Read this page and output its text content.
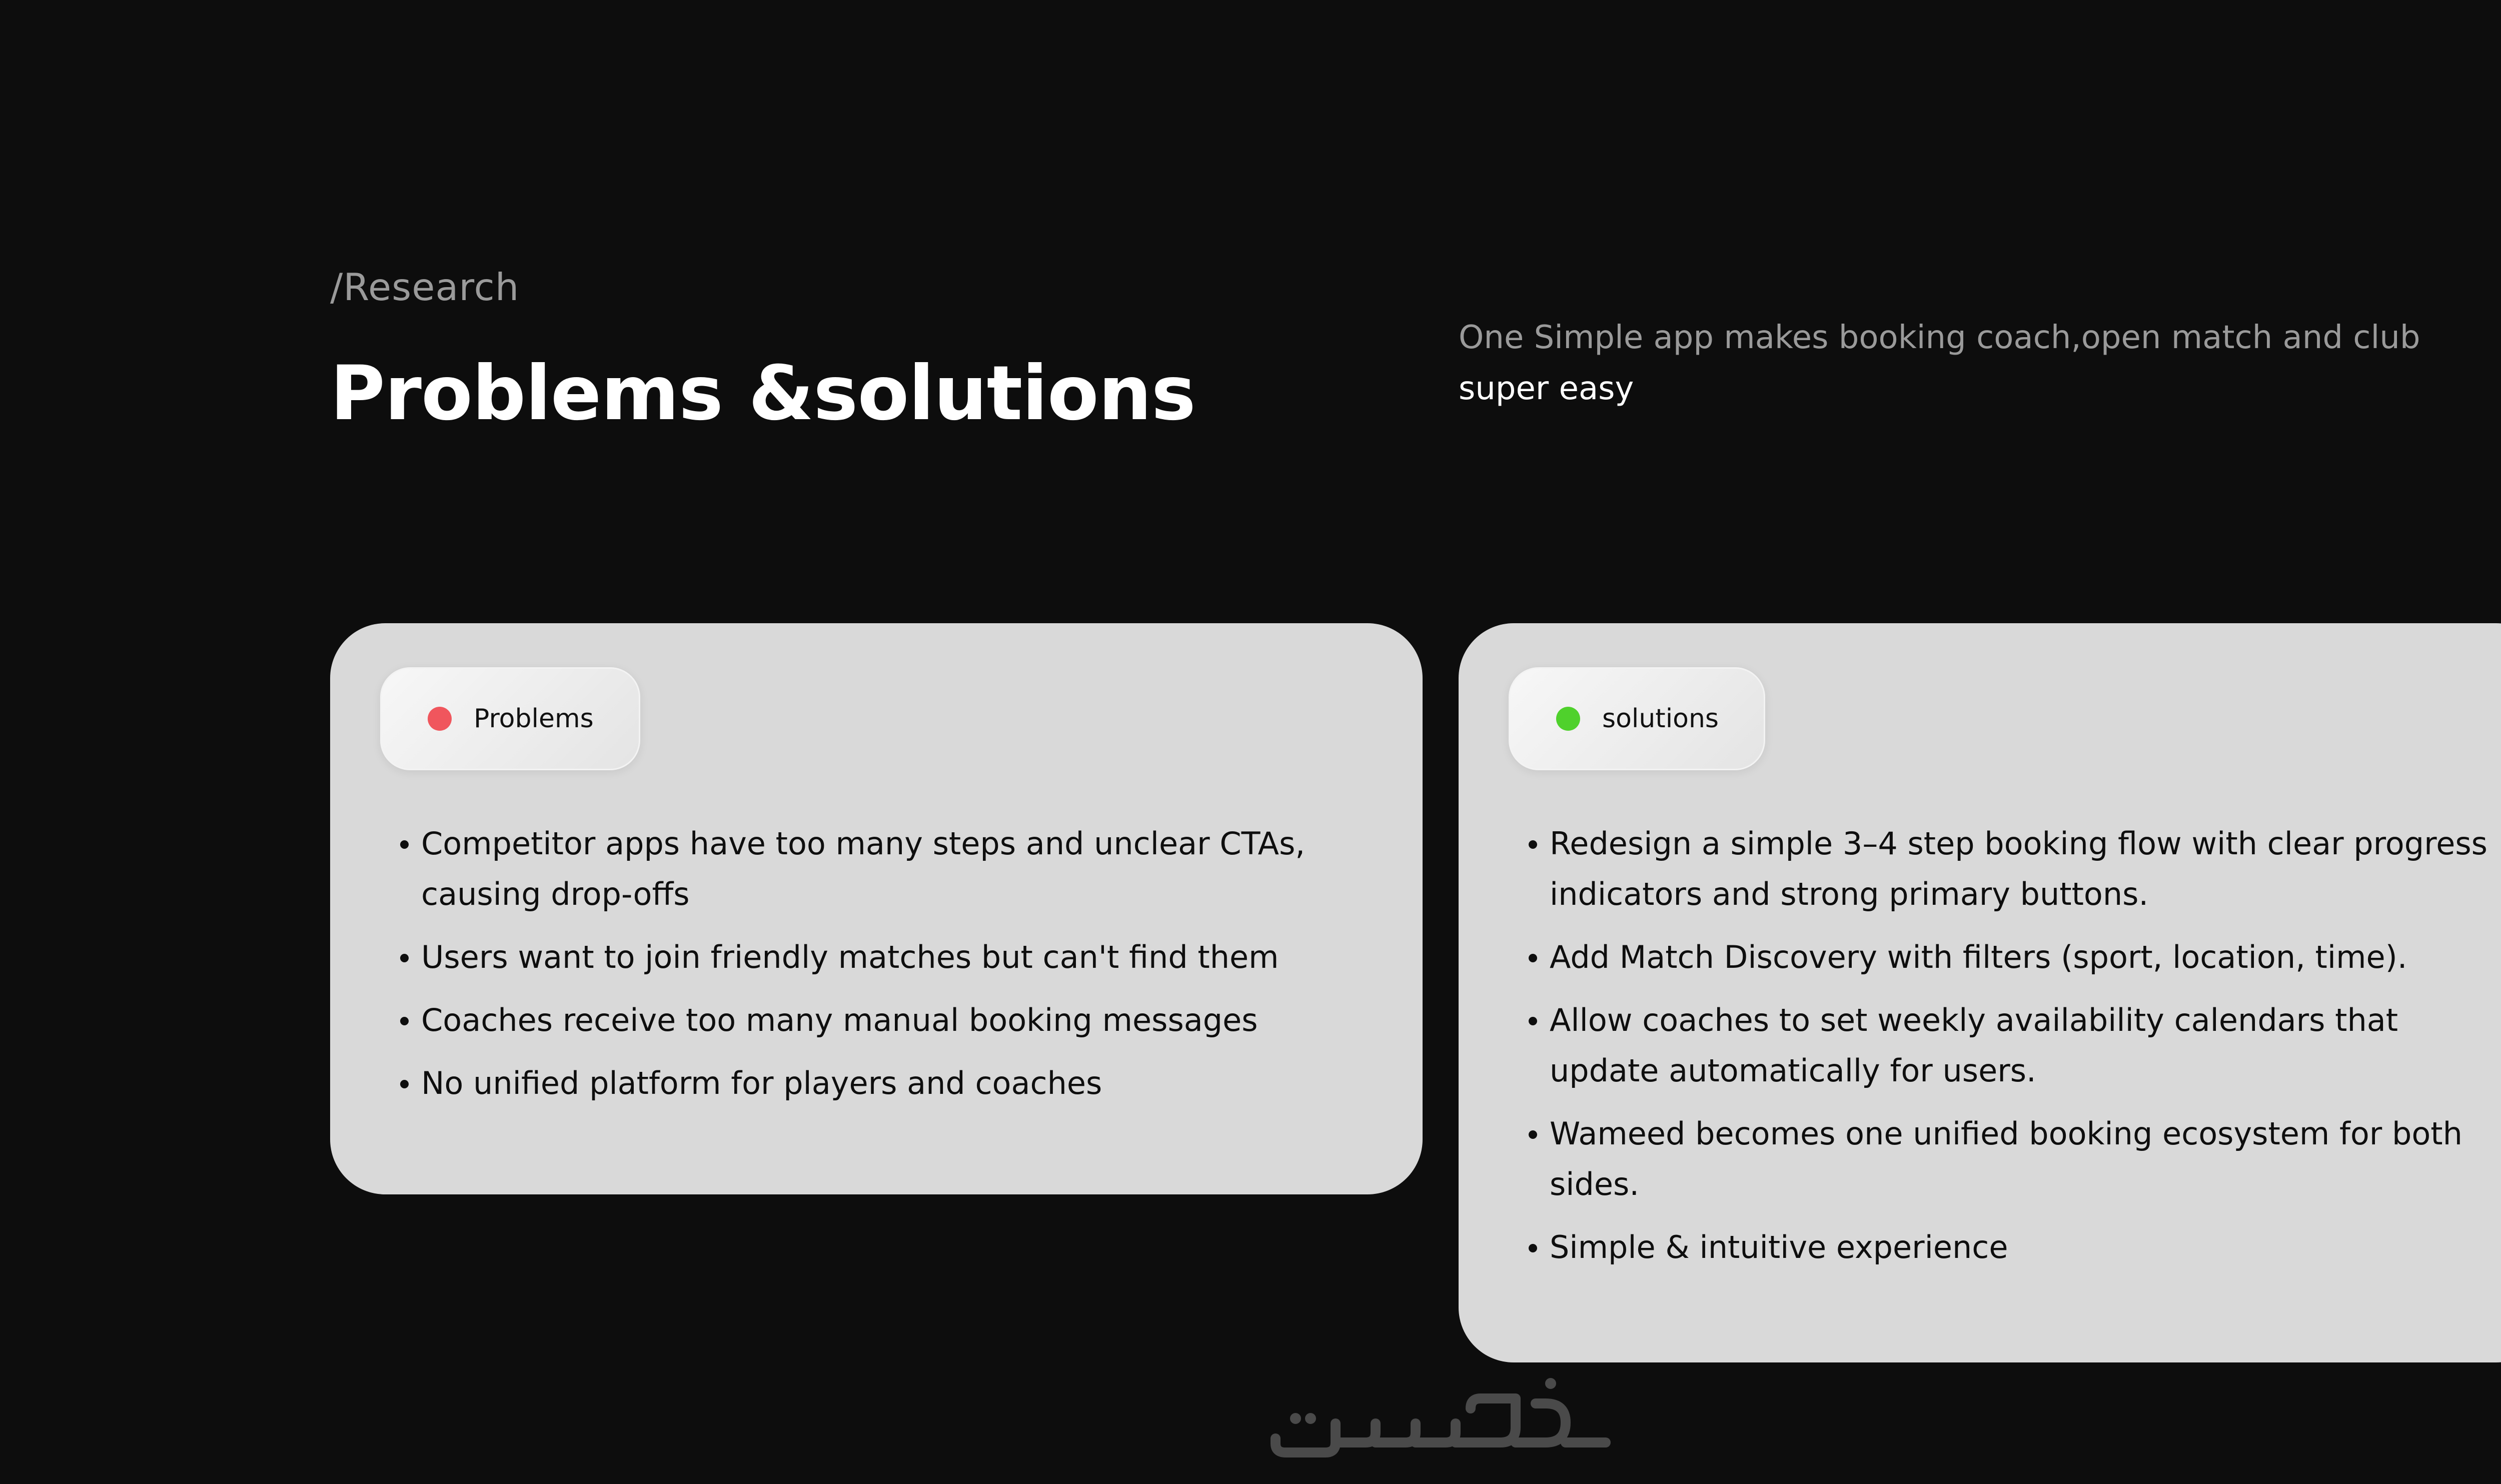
/Research
Problems &solutions
One Simple app makes booking coach,open match and club super easy
Problems
Competitor apps have too many steps and unclear CTAs, causing drop-offs
Users want to join friendly matches but can't find them
Coaches receive too many manual booking messages
No unified platform for players and coaches
solutions
Redesign a simple 3–4 step booking flow with clear progress indicators and strong primary buttons.
Add Match Discovery with filters (sport, location, time).
Allow coaches to set weekly availability calendars that update automatically for users.
Wameed becomes one unified booking ecosystem for both sides.
Simple & intuitive experience
